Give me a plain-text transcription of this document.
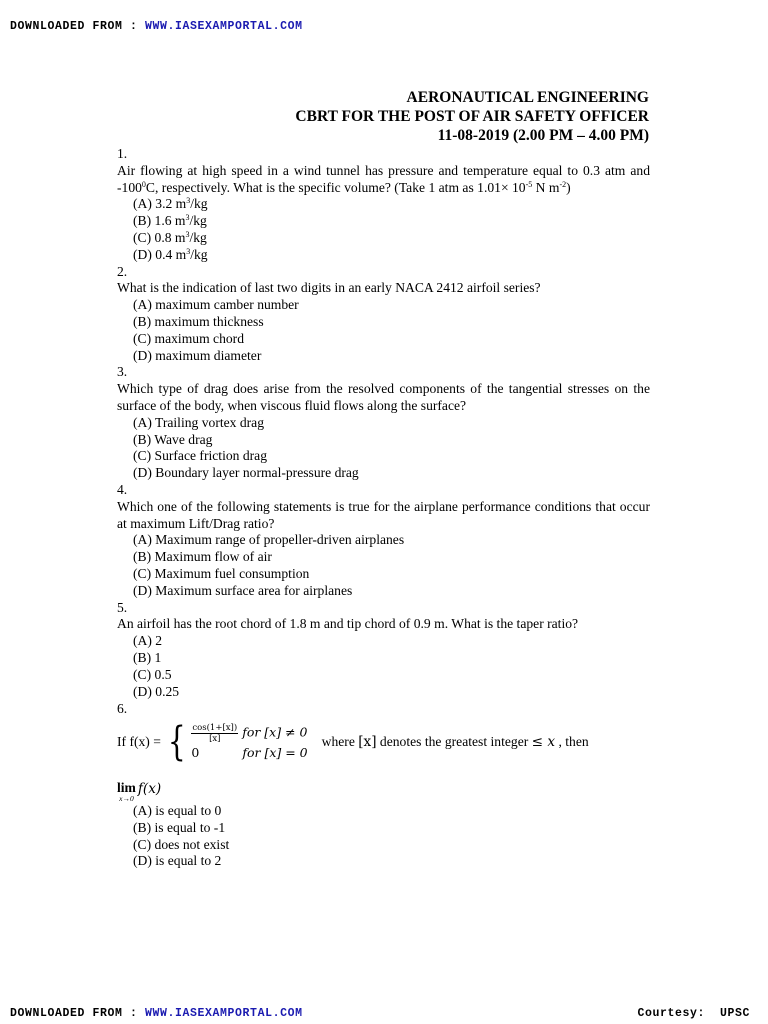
DOWNLOADED FROM : WWW.IASEXAMPORTAL.COM
AERONAUTICAL ENGINEERING
CBRT FOR THE POST OF AIR SAFETY OFFICER
11-08-2019 (2.00 PM – 4.00 PM)
1.
Air flowing at high speed in a wind tunnel has pressure and temperature equal to 0.3 atm and $-100^0C$, respectively. What is the specific volume? (Take 1 atm as $1.01\times 10^{-5}$ N $m^{-2}$)
(A) 3.2 $m^3/kg$
(B) 1.6 $m^3/kg$
(C) 0.8 $m^3/kg$
(D) 0.4 $m^3/kg$
2.
What is the indication of last two digits in an early NACA 2412 airfoil series?
(A) maximum camber number
(B) maximum thickness
(C) maximum chord
(D) maximum diameter
3.
Which type of drag does arise from the resolved components of the tangential stresses on the surface of the body, when viscous fluid flows along the surface?
(A) Trailing vortex drag
(B) Wave drag
(C) Surface friction drag
(D) Boundary layer normal-pressure drag
4.
Which one of the following statements is true for the airplane performance conditions that occur at maximum Lift/Drag ratio?
(A) Maximum range of propeller-driven airplanes
(B) Maximum flow of air
(C) Maximum fuel consumption
(D) Maximum surface area for airplanes
5.
An airfoil has the root chord of 1.8 m and tip chord of 0.9 m. What is the taper ratio?
(A) 2
(B) 1
(C) 0.5
(D) 0.25
6.
If f(x) = { $\frac{\cos(1+[x])}{[x]}$ for [x] ≠ 0
0	for [x] = 0
where [x] denotes the greatest integer ≤ x , then
lim
x→0
f(x)
(A) is equal to 0
(B) is equal to -1
(C) does not exist
(D) is equal to 2
DOWNLOADED FROM : WWW.IASEXAMPORTAL.COM	Courtesy:  UPSC
